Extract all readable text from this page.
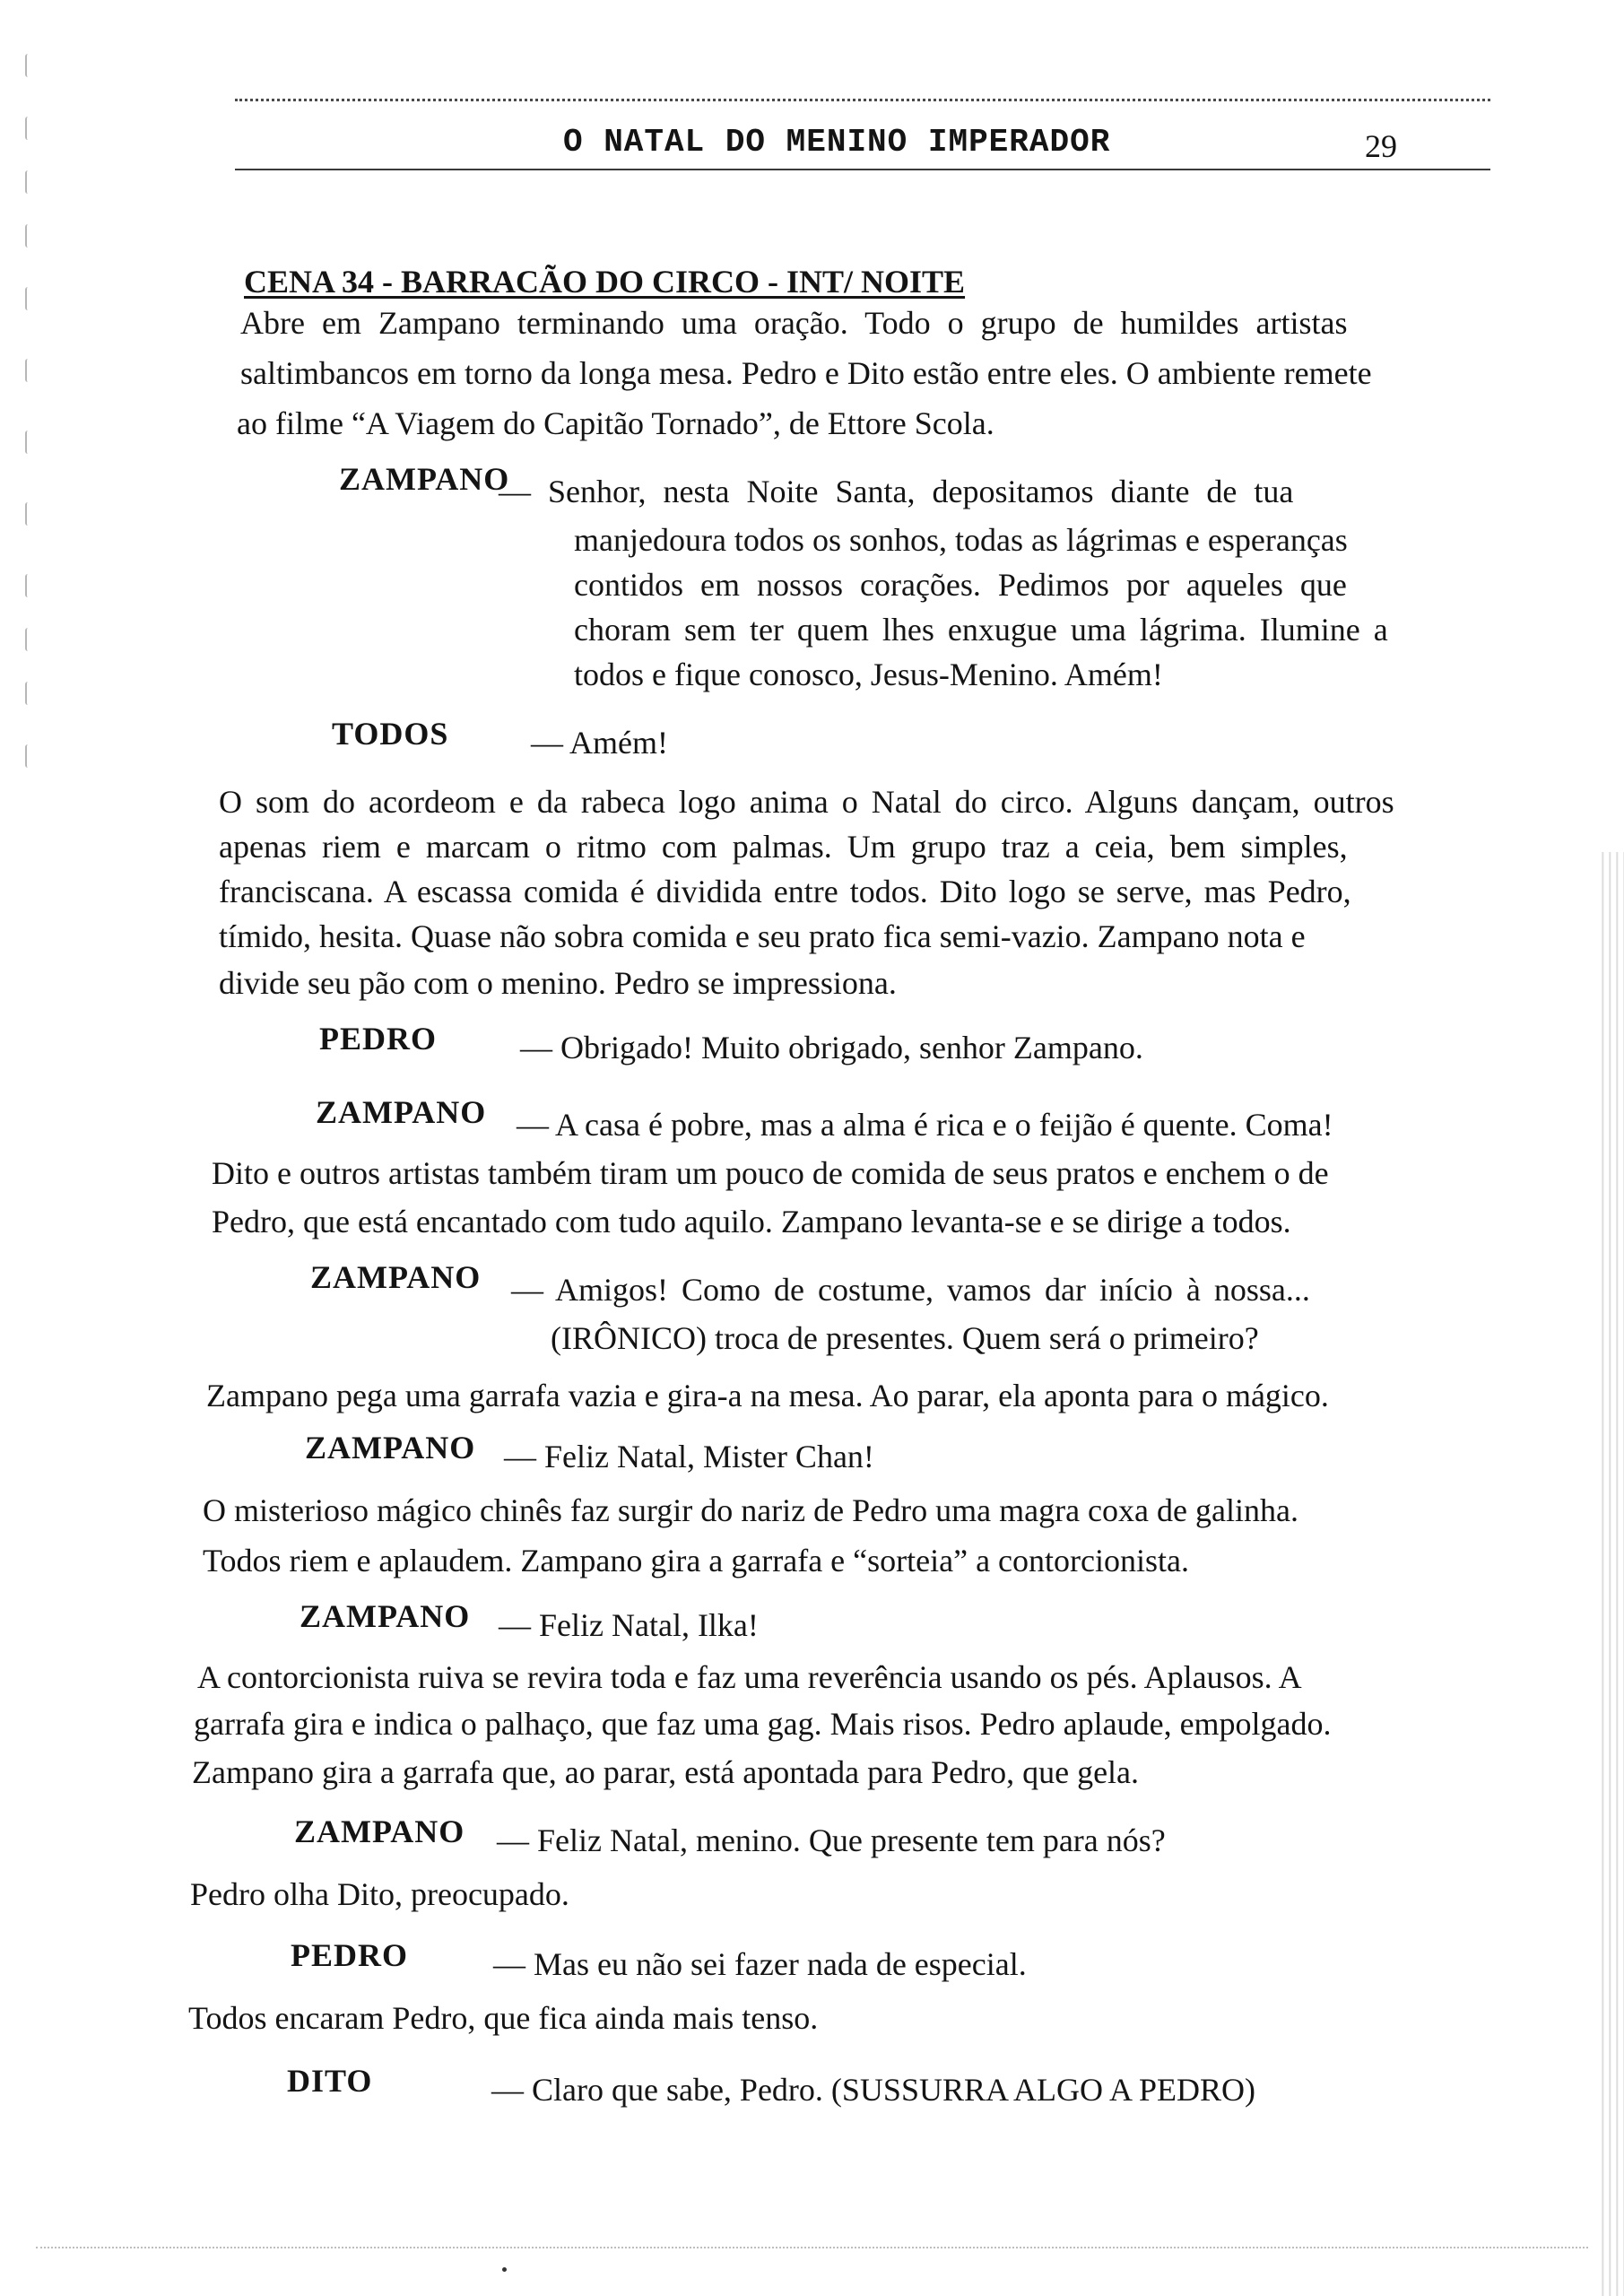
O NATAL DO MENINO IMPERADOR	29
CENA 34 - BARRACÃO DO CIRCO - INT/ NOITE
Abre em Zampano terminando uma oração. Todo o grupo de humildes artistas
saltimbancos em torno da longa mesa. Pedro e Dito estão entre eles. O ambiente remete
ao filme “A Viagem do Capitão Tornado”, de Ettore Scola.
ZAMPANO
— Senhor, nesta Noite Santa, depositamos diante de tua
manjedoura todos os sonhos, todas as lágrimas e esperanças
contidos em nossos corações. Pedimos por aqueles que
choram sem ter quem lhes enxugue uma lágrima. Ilumine a
todos e fique conosco, Jesus-Menino. Amém!
TODOS	— Amém!
O som do acordeom e da rabeca logo anima o Natal do circo. Alguns dançam, outros
apenas riem e marcam o ritmo com palmas. Um grupo traz a ceia, bem simples,
franciscana. A escassa comida é dividida entre todos. Dito logo se serve, mas Pedro,
tímido, hesita. Quase não sobra comida e seu prato fica semi-vazio. Zampano nota e
divide seu pão com o menino. Pedro se impressiona.
PEDRO	— Obrigado! Muito obrigado, senhor Zampano.
ZAMPANO — A casa é pobre, mas a alma é rica e o feijão é quente. Coma!
Dito e outros artistas também tiram um pouco de comida de seus pratos e enchem o de
Pedro, que está encantado com tudo aquilo. Zampano levanta-se e se dirige a todos.
ZAMPANO — Amigos! Como de costume, vamos dar início à nossa...
(IRÔNICO) troca de presentes. Quem será o primeiro?
Zampano pega uma garrafa vazia e gira-a na mesa. Ao parar, ela aponta para o mágico.
ZAMPANO — Feliz Natal, Mister Chan!
O misterioso mágico chinês faz surgir do nariz de Pedro uma magra coxa de galinha.
Todos riem e aplaudem. Zampano gira a garrafa e “sorteia” a contorcionista.
ZAMPANO — Feliz Natal, Ilka!
A contorcionista ruiva se revira toda e faz uma reverência usando os pés. Aplausos. A
garrafa gira e indica o palhaço, que faz uma gag. Mais risos. Pedro aplaude, empolgado.
Zampano gira a garrafa que, ao parar, está apontada para Pedro, que gela.
ZAMPANO — Feliz Natal, menino. Que presente tem para nós?
Pedro olha Dito, preocupado.
PEDRO	— Mas eu não sei fazer nada de especial.
Todos encaram Pedro, que fica ainda mais tenso.
DITO	— Claro que sabe, Pedro. (SUSSURRA ALGO A PEDRO)
